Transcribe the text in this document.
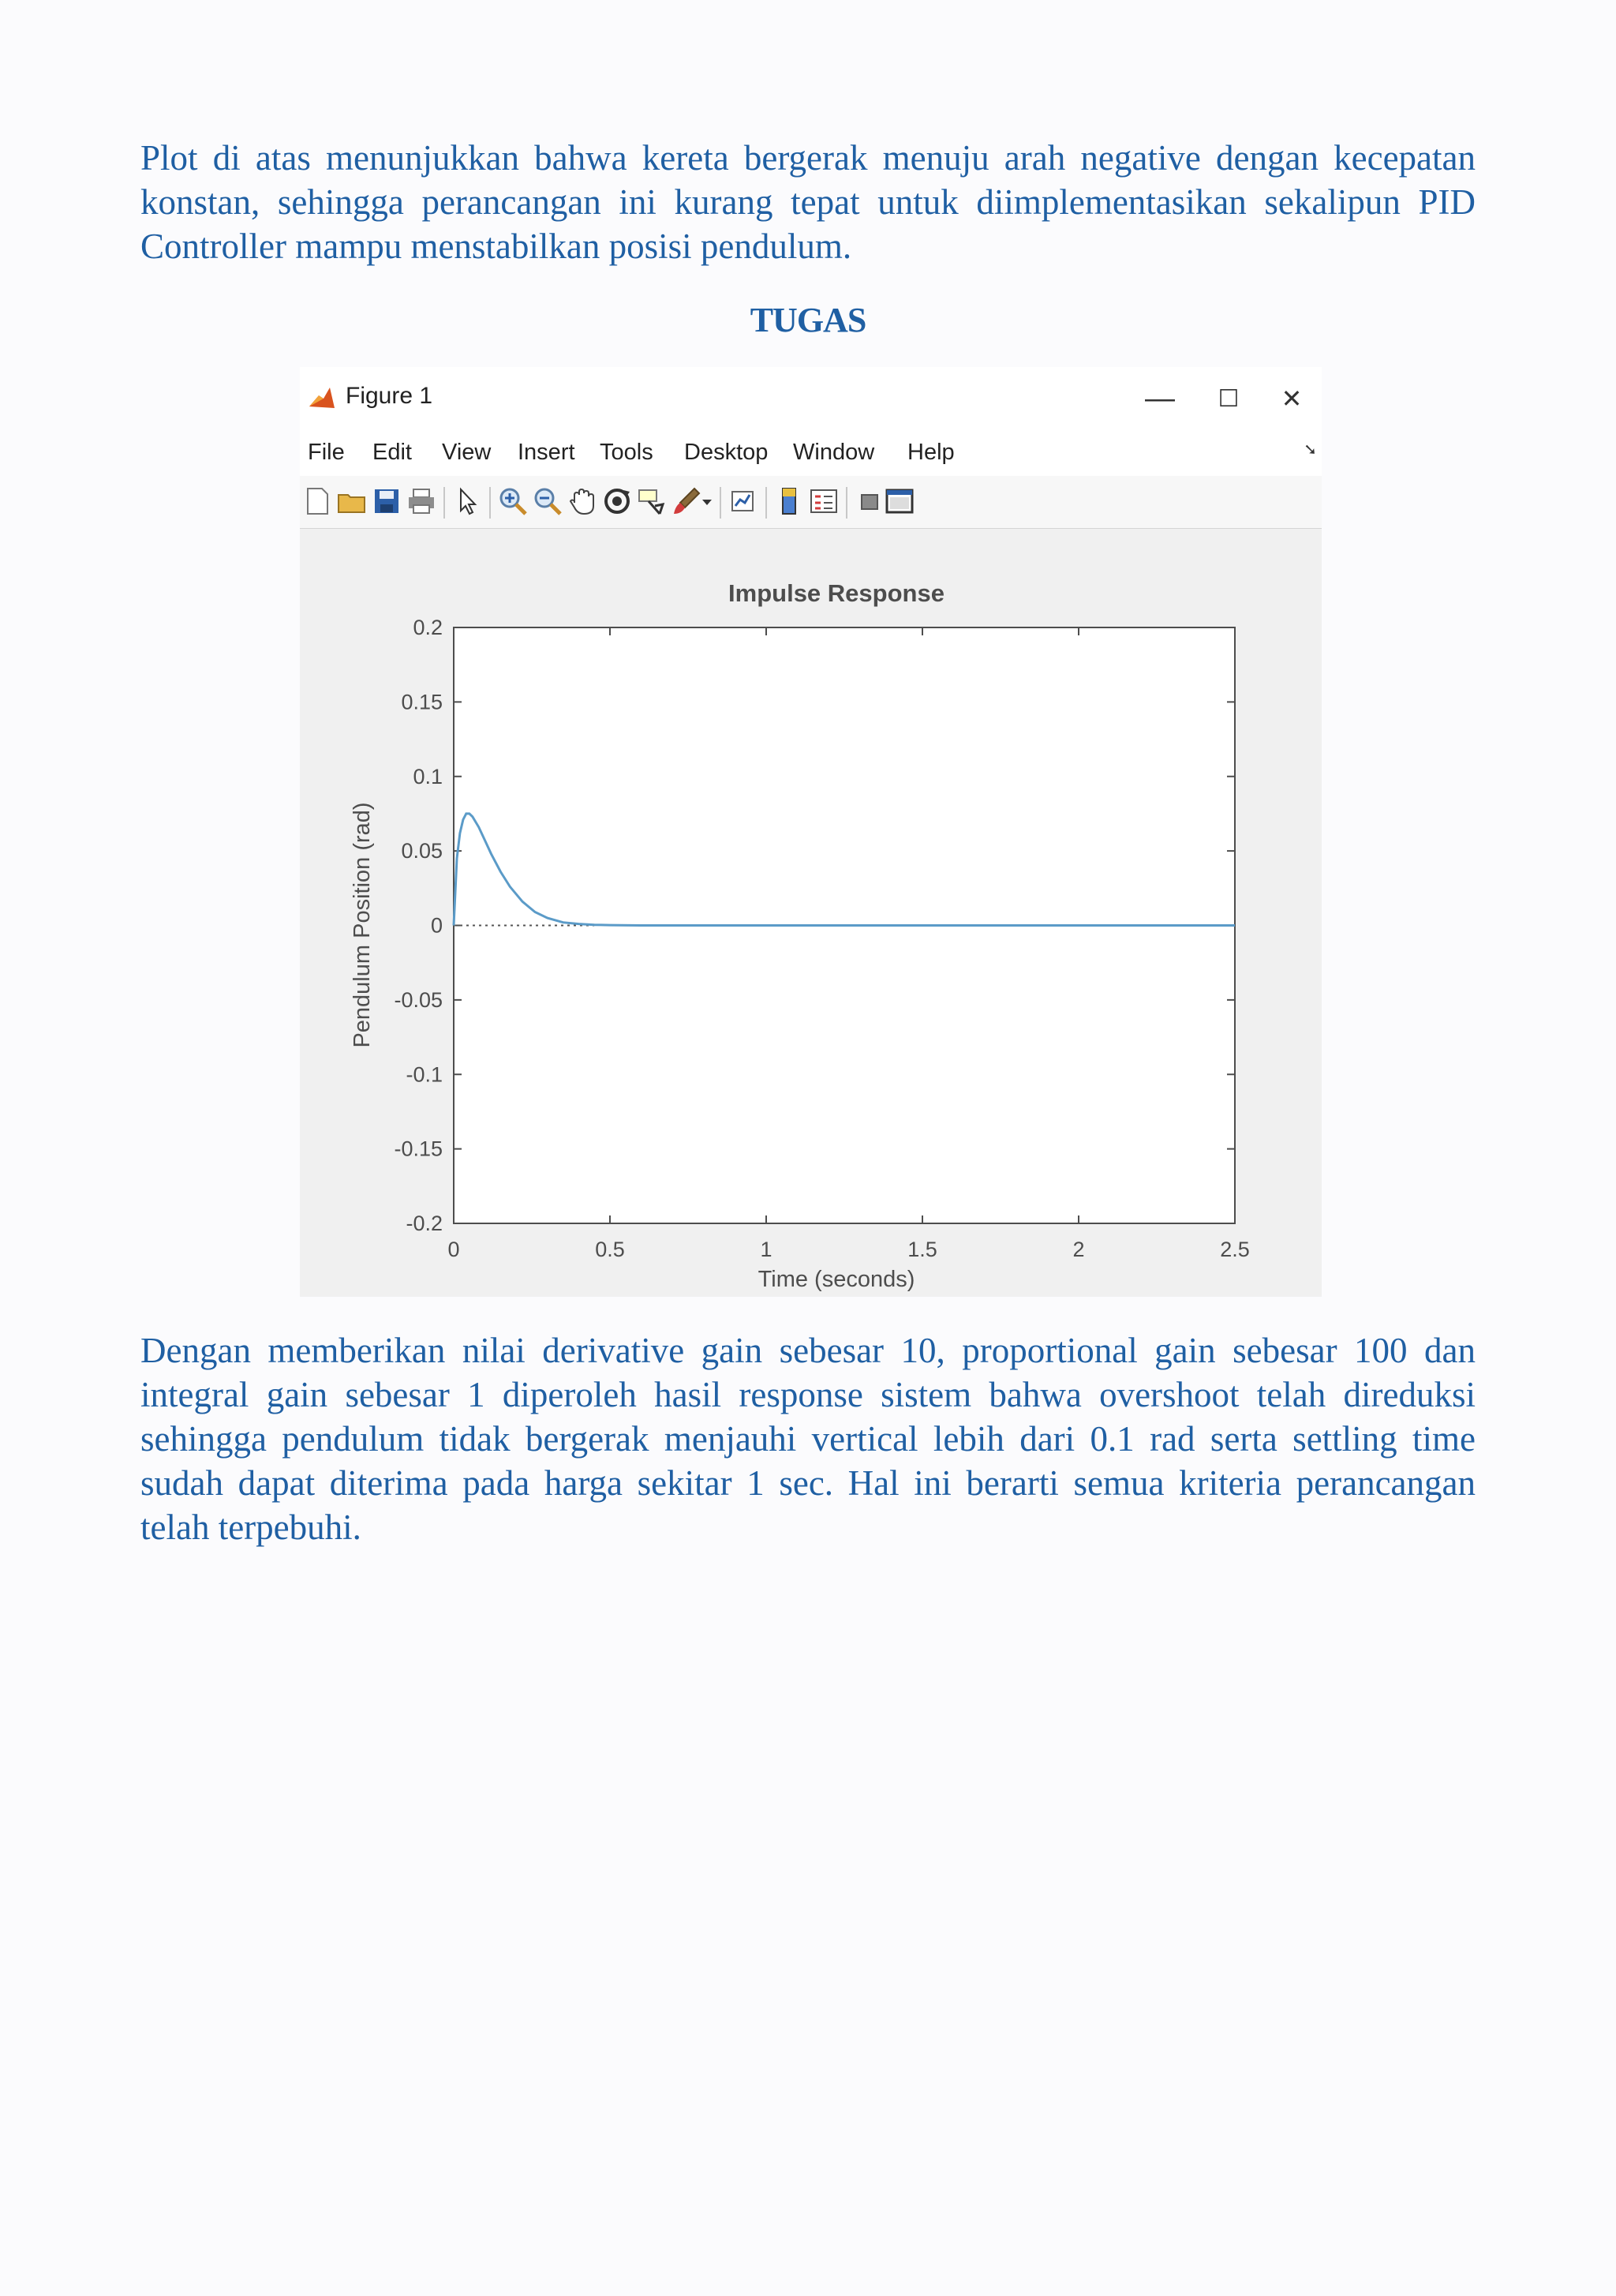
Plot di atas menunjukkan bahwa kereta bergerak menuju arah negative dengan kecepatan konstan, sehingga perancangan ini kurang tepat untuk diimplementasikan sekalipun PID Controller mampu menstabilkan posisi pendulum.

TUGAS
Figure 1	—	☐	✕
File Edit View Insert Tools Desktop Window Help	➘
Impulse Response
0	0.5	1	1.5	2	2.5
0.2
0.15
0.1
0.05
0
-0.05
-0.1
-0.15
-0.2
Time (seconds)
Pendulum Position (rad)

Dengan memberikan nilai derivative gain sebesar 10, proportional gain sebesar 100 dan integral gain sebesar 1 diperoleh hasil response sistem bahwa overshoot telah direduksi sehingga pendulum tidak bergerak menjauhi vertical lebih dari 0.1 rad serta settling time sudah dapat diterima pada harga sekitar 1 sec. Hal ini berarti semua kriteria perancangan telah terpebuhi.
